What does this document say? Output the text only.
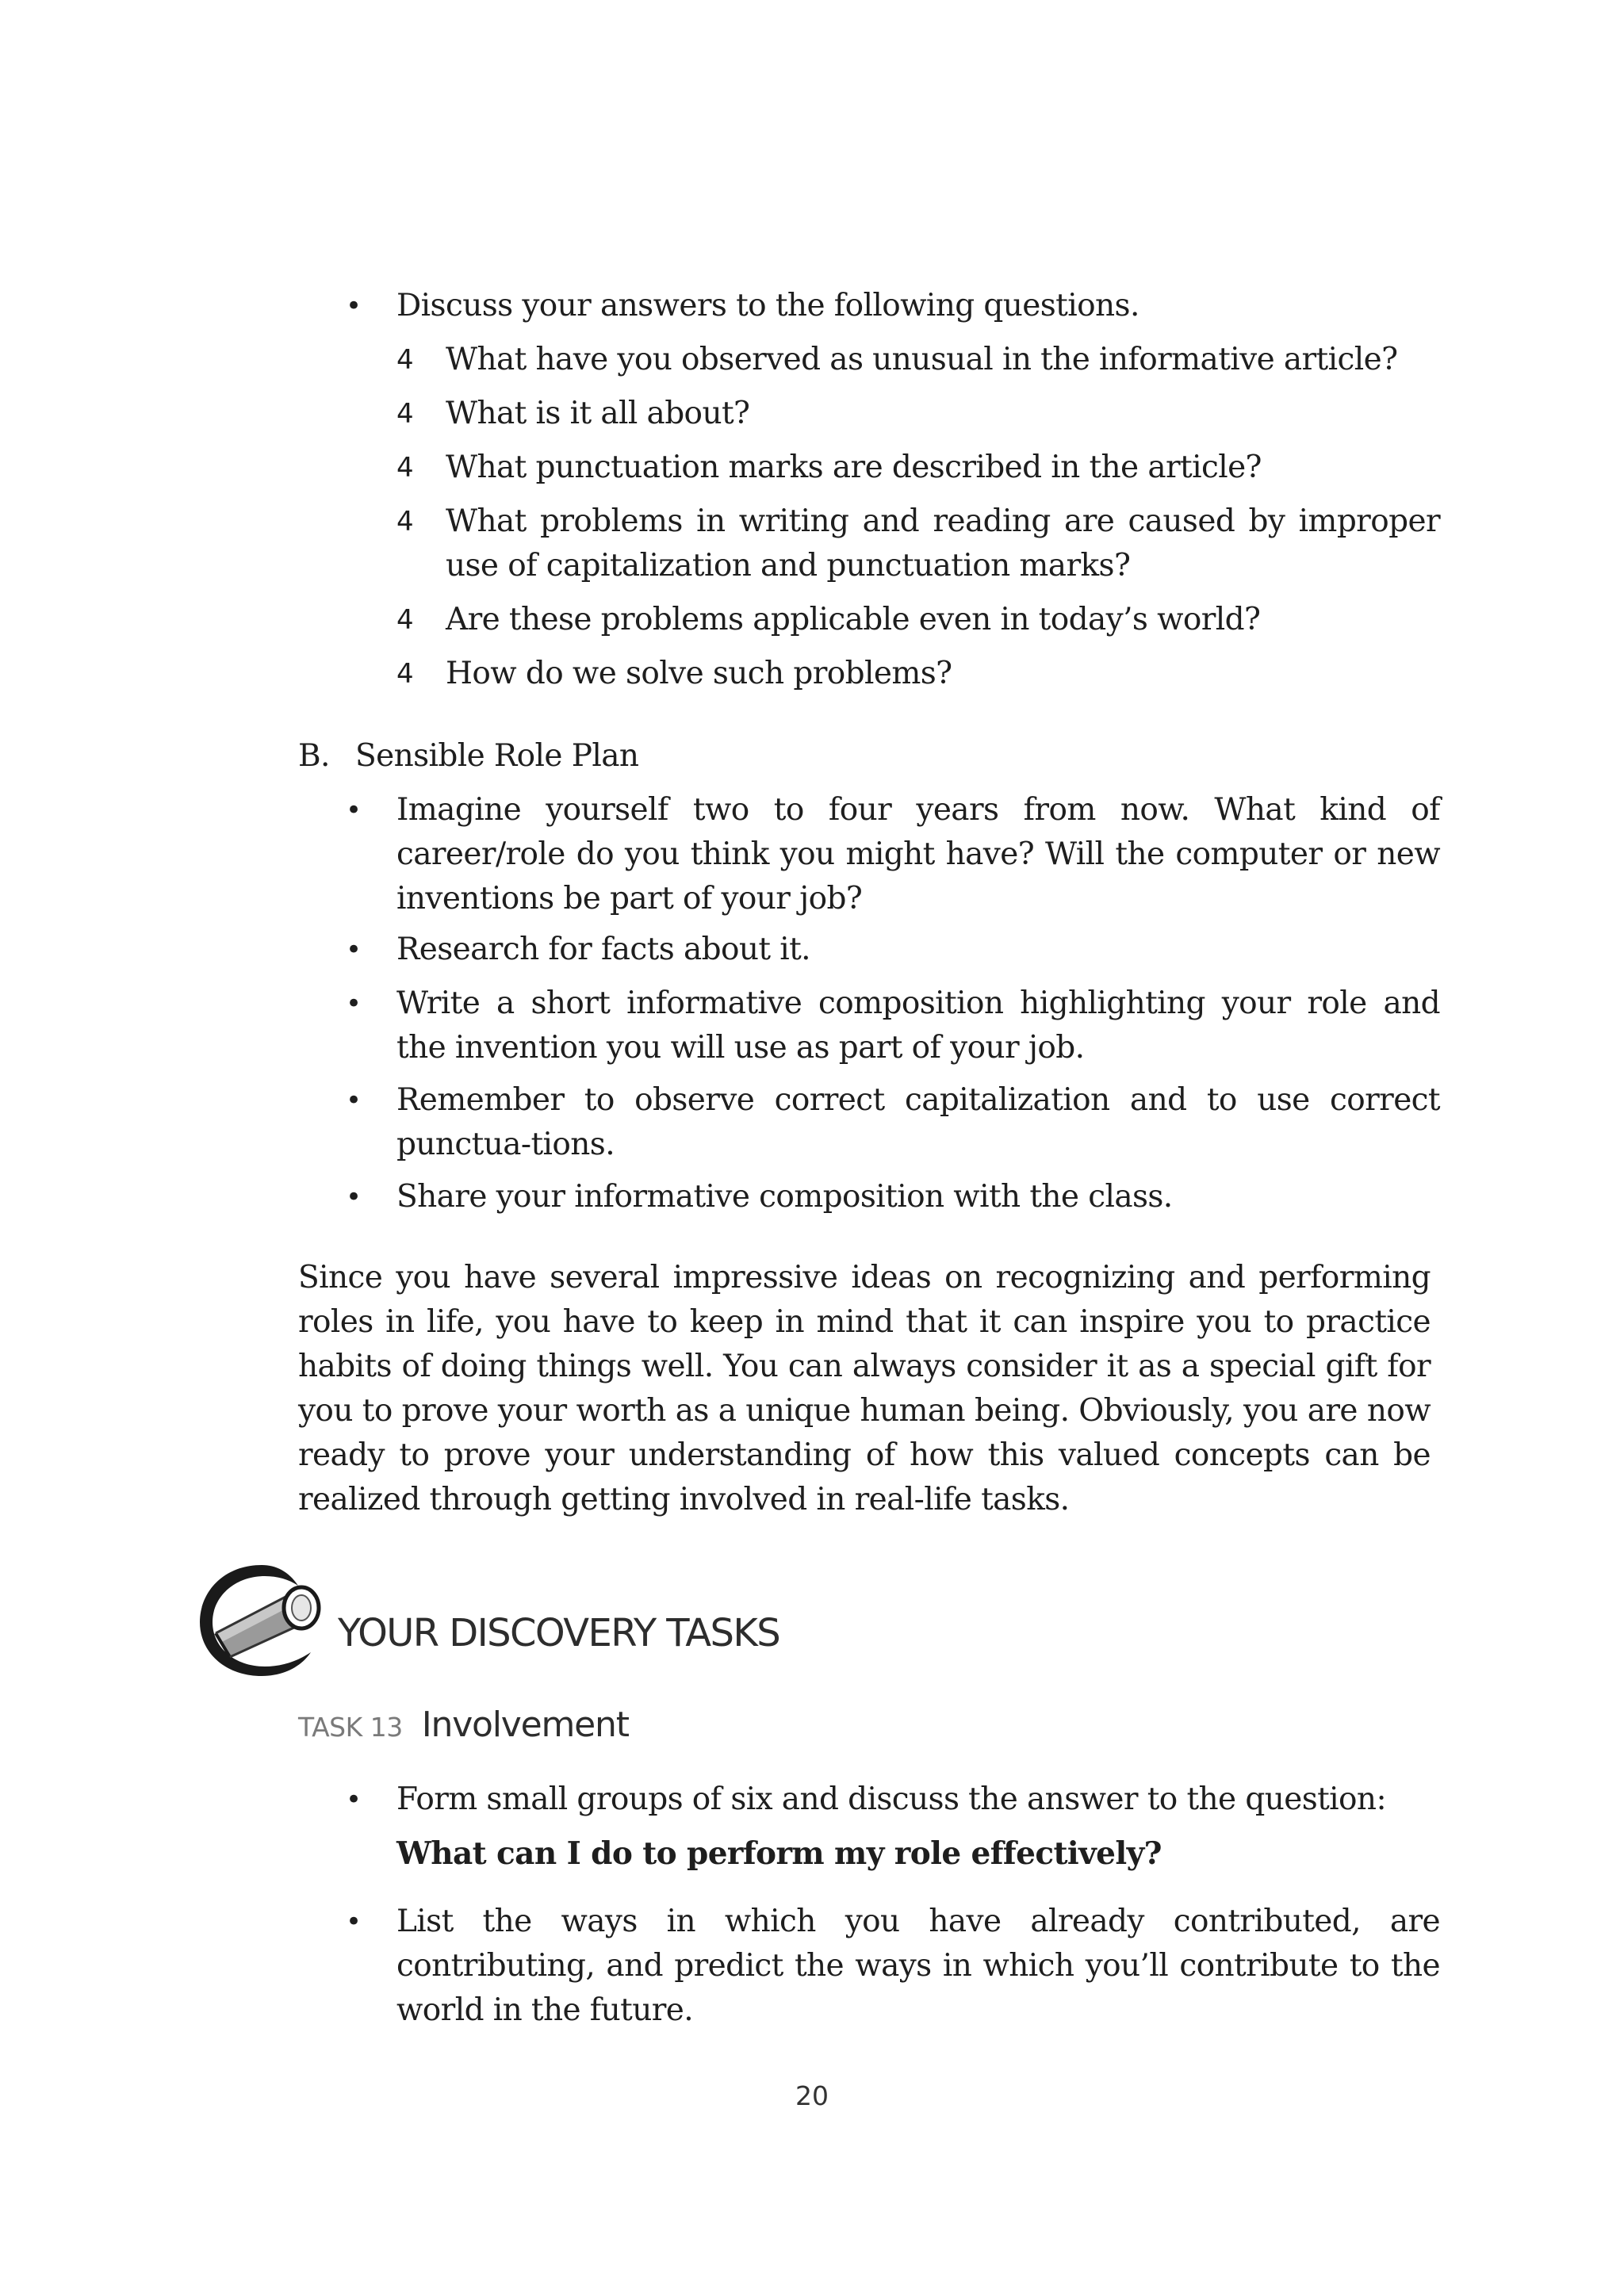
•	Discuss your answers to the following questions.
4	What have you observed as unusual in the informative article?
4	What is it all about?
4	What punctuation marks are described in the article?
4	What problems in writing and reading are caused by improper use of capitalization and punctuation marks?
4	Are these problems applicable even in today’s world?
4	How do we solve such problems?
B. Sensible Role Plan
•	Imagine yourself two to four years from now. What kind of career/role do you think you might have? Will the computer or new inventions be part of your job?
•	Research for facts about it.
•	Write a short informative composition highlighting your role and the invention you will use as part of your job.
•	Remember to observe correct capitalization and to use correct punctua-tions.
•	Share your informative composition with the class.
Since you have several impressive ideas on recognizing and performing roles in life, you have to keep in mind that it can inspire you to practice habits of doing things well. You can always consider it as a special gift for you to prove your worth as a unique human being. Obviously, you are now ready to prove your understanding of how this valued concepts can be realized through getting involved in real-life tasks.
YOUR DISCOVERY TASKS
TASK 13 Involvement
•	Form small groups of six and discuss the answer to the question:
What can I do to perform my role effectively?
•	List the ways in which you have already contributed, are contributing, and predict the ways in which you’ll contribute to the world in the future.
20
